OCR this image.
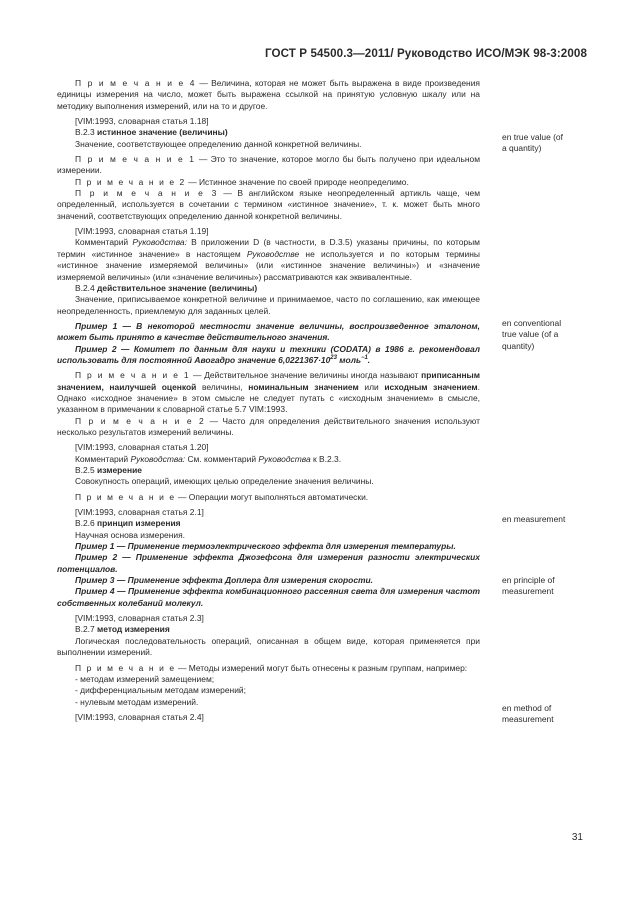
ГОСТ Р 54500.3—2011/ Руководство ИСО/МЭК 98-3:2008

П р и м е ч а н и е 4 — Величина, которая не может быть выражена в виде произведения единицы измерения на число, может быть выражена ссылкой на принятую условную шкалу или на методику выполнения измерений, или на то и другое.

[VIM:1993, словарная статья 1.18]

В.2.3 истинное значение (величины)

Значение, соответствующее определению данной конкретной величины.

П р и м е ч а н и е 1 — Это то значение, которое могло бы быть получено при идеальном измерении.

П р и м е ч а н и е 2 — Истинное значение по своей природе неопределимо.

П р и м е ч а н и е 3 — В английском языке неопределенный артикль чаще, чем определенный, используется в сочетании с термином «истинное значение», т. к. может быть много значений, соответствующих определению данной конкретной величины.

[VIM:1993, словарная статья 1.19]

Комментарий Руководства: В приложении D (в частности, в D.3.5) указаны причины, по которым термин «истинное значение» в настоящем Руководстве не используется и по которым термины «истинное значение измеряемой величины» (или «истинное значение величины») и «значение измеряемой величины» (или «значение величины») рассматриваются как эквивалентные.

В.2.4 действительное значение (величины)

Значение, приписываемое конкретной величине и принимаемое, часто по соглашению, как имеющее неопределенность, приемлемую для заданных целей.

Пример 1 — В некоторой местности значение величины, воспроизведенное эталоном, может быть принято в качестве действительного значения.

Пример 2 — Комитет по данным для науки и техники (CODATA) в 1986 г. рекомендовал использовать для постоянной Авогадро значение $6,0221367\cdot 10^{23}$ моль$^{-1}$.

П р и м е ч а н и е 1 — Действительное значение величины иногда называют приписанным значением, наилучшей оценкой величины, номинальным значением или исходным значением. Однако «исходное значение» в этом смысле не следует путать с «исходным значением» в смысле, указанном в примечании к словарной статье 5.7 VIM:1993.

П р и м е ч а н и е 2 — Часто для определения действительного значения используют несколько результатов измерений величины.

[VIM:1993, словарная статья 1.20]

Комментарий Руководства: См. комментарий Руководства к В.2.3.

В.2.5 измерение

Совокупность операций, имеющих целью определение значения величины.

П р и м е ч а н и е — Операции могут выполняться автоматически.

[VIM:1993, словарная статья 2.1]

В.2.6 принцип измерения

Научная основа измерения.

Пример 1 — Применение термоэлектрического эффекта для измерения температуры.

Пример 2 — Применение эффекта Джозефсона для измерения разности электрических потенциалов.

Пример 3 — Применение эффекта Доплера для измерения скорости.

Пример 4 — Применение эффекта комбинационного рассеяния света для измерения частот собственных колебаний молекул.

[VIM:1993, словарная статья 2.3]

В.2.7 метод измерения

Логическая последовательность операций, описанная в общем виде, которая применяется при выполнении измерений.

П р и м е ч а н и е — Методы измерений могут быть отнесены к разным группам, например:

- методам измерений замещением;

- дифференциальным методам измерений;

- нулевым методам измерений.

[VIM:1993, словарная статья 2.4]

en true value (of
a quantity)
en conventional
true value (of a
quantity)
en measurement
en principle of
measurement
en method of
measurement
31
